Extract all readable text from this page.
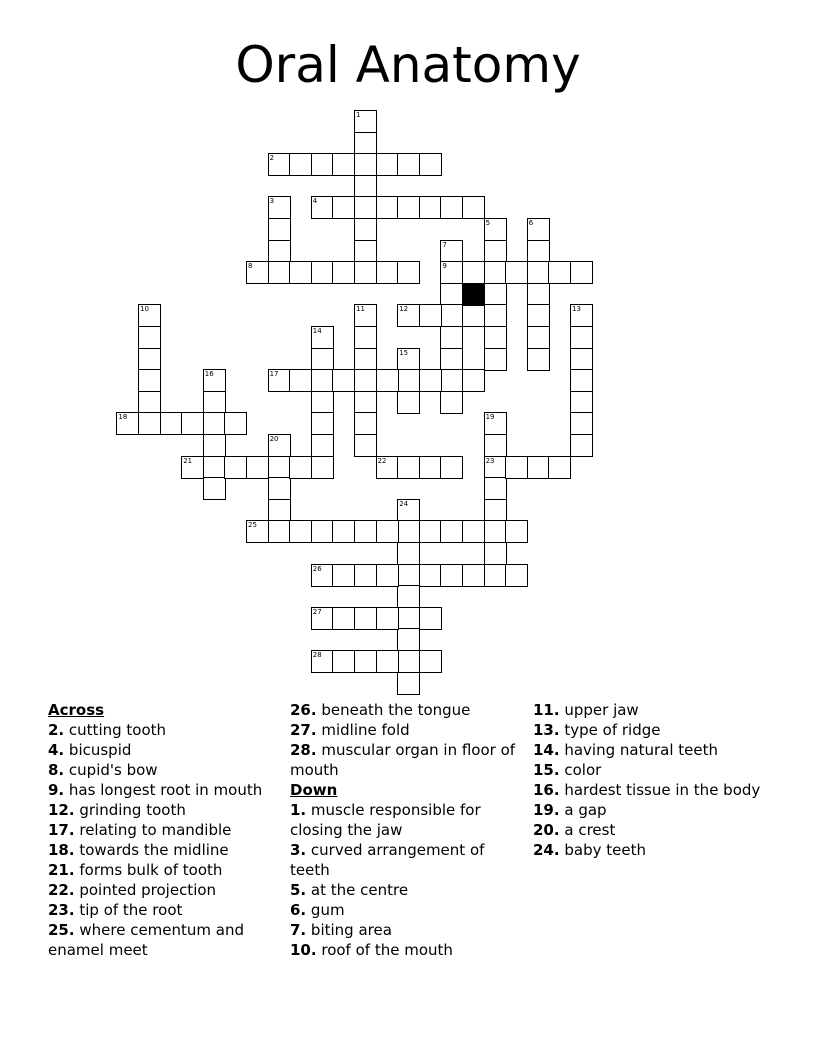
Oral Anatomy
1
2
3	4
5	6
7
9
8
10	11	12	13
14
15
16	17
18	19
23
20
21	22
24
25
26
27
28
Across
2. cutting tooth
4. bicuspid
8. cupid's bow
9. has longest root in mouth
12. grinding tooth
17. relating to mandible
18. towards the midline
21. forms bulk of tooth
22. pointed projection
23. tip of the root
25. where cementum and enamel meet
26. beneath the tongue
27. midline fold
28. muscular organ in floor of mouth
Down
1. muscle responsible for closing the jaw
3. curved arrangement of teeth
5. at the centre
6. gum
7. biting area
10. roof of the mouth
11. upper jaw
13. type of ridge
14. having natural teeth
15. color
16. hardest tissue in the body
19. a gap
20. a crest
24. baby teeth
